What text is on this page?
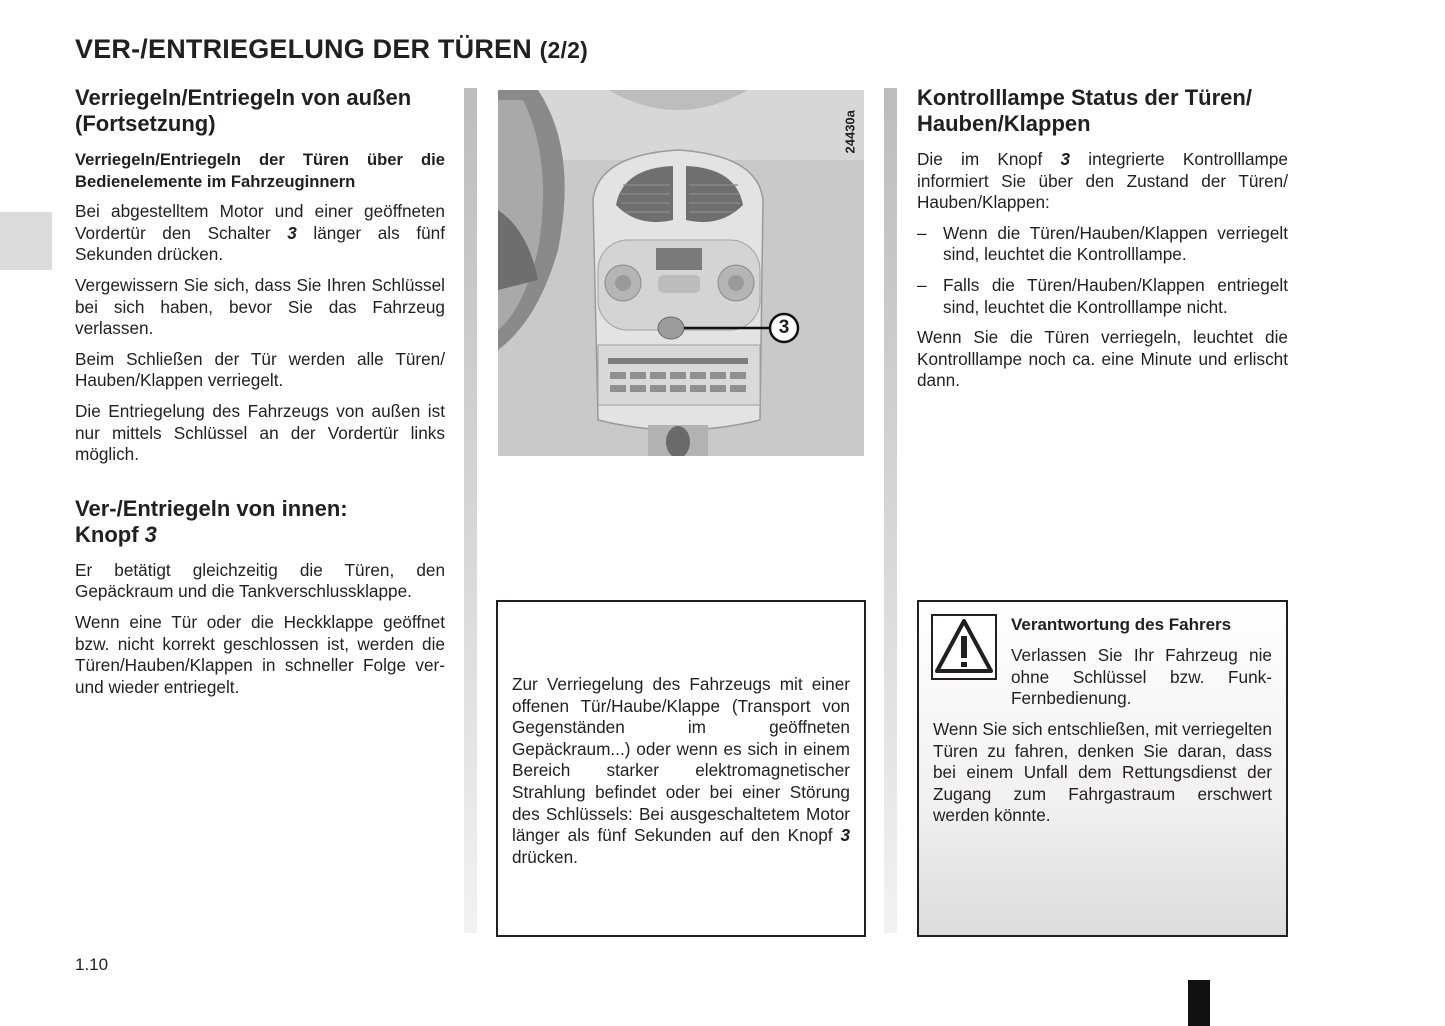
VER-/ENTRIEGELUNG DER TÜREN (2/2)
Verriegeln/Entriegeln von außen (Fortsetzung)
Verriegeln/Entriegeln der Türen über die Bedienelemente im Fahrzeuginnern

Bei abgestelltem Motor und einer geöffneten Vordertür den Schalter 3 länger als fünf Sekunden drücken.

Vergewissern Sie sich, dass Sie Ihren Schlüssel bei sich haben, bevor Sie das Fahrzeug verlassen.

Beim Schließen der Tür werden alle Türen/ Hauben/Klappen verriegelt.

Die Entriegelung des Fahrzeugs von außen ist nur mittels Schlüssel an der Vordertür links möglich.

Ver-/Entriegeln von innen:
Knopf 3

Er betätigt gleichzeitig die Türen, den Gepäckraum und die Tankverschlussklappe.

Wenn eine Tür oder die Heckklappe geöffnet bzw. nicht korrekt geschlossen ist, werden die Türen/Hauben/Klappen in schneller Folge ver- und wieder entriegelt.

24430a
3

Zur Verriegelung des Fahrzeugs mit einer offenen Tür/Haube/Klappe (Transport von Gegenständen im geöffneten Gepäckraum...) oder wenn es sich in einem Bereich starker elektromagnetischer Strahlung befindet oder bei einer Störung des Schlüssels: Bei ausgeschaltetem Motor länger als fünf Sekunden auf den Knopf 3 drücken.

Kontrolllampe Status der Türen/ Hauben/Klappen

Die im Knopf 3 integrierte Kontrolllampe informiert Sie über den Zustand der Türen/ Hauben/Klappen:

– Wenn die Türen/Hauben/Klappen verriegelt sind, leuchtet die Kontrolllampe.
– Falls die Türen/Hauben/Klappen entriegelt sind, leuchtet die Kontrolllampe nicht.

Wenn Sie die Türen verriegeln, leuchtet die Kontrolllampe noch ca. eine Minute und erlischt dann.

Verantwortung des Fahrers

Verlassen Sie Ihr Fahrzeug nie ohne Schlüssel bzw. Funk-Fernbedienung.

Wenn Sie sich entschließen, mit verriegelten Türen zu fahren, denken Sie daran, dass bei einem Unfall dem Rettungsdienst der Zugang zum Fahrgastraum erschwert werden könnte.

1.10
